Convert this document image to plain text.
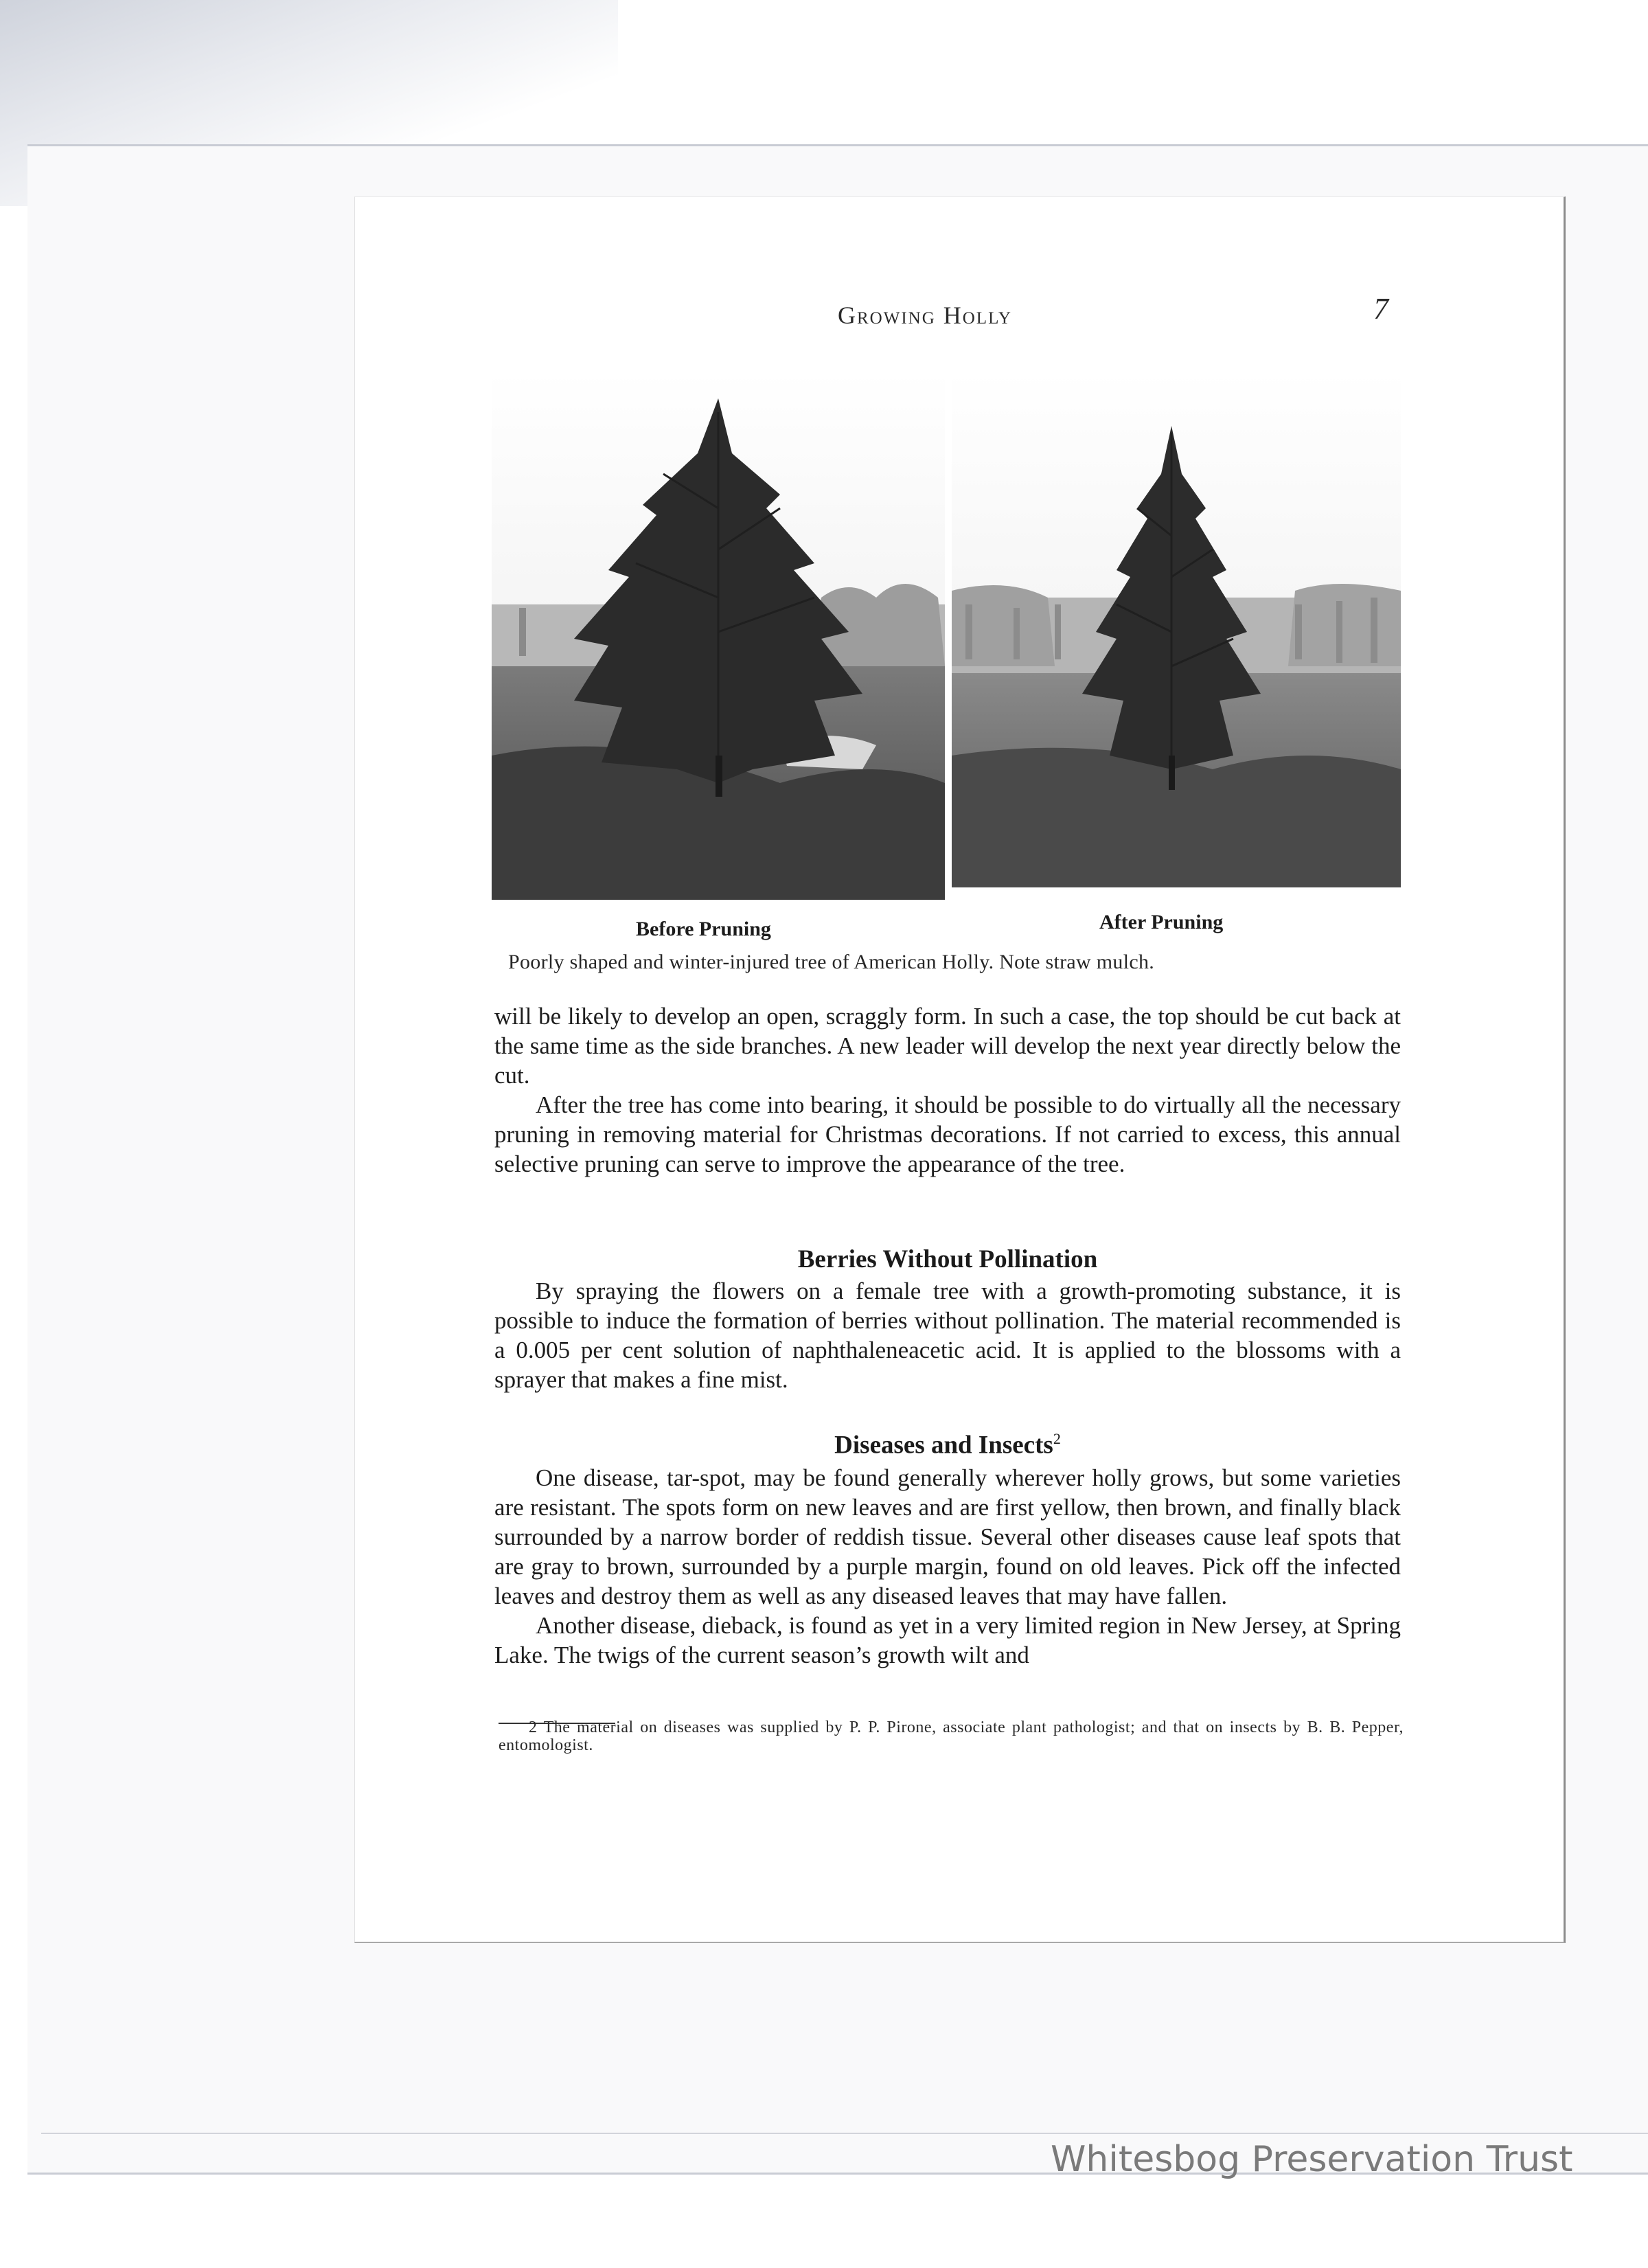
Growing Holly	7
Before Pruning	After Pruning
Poorly shaped and winter-injured tree of American Holly. Note straw mulch.

will be likely to develop an open, scraggly form. In such a case, the top should be cut back at the same time as the side branches. A new leader will develop the next year directly below the cut.

After the tree has come into bearing, it should be possible to do virtually all the necessary pruning in removing material for Christmas decorations. If not carried to excess, this annual selective pruning can serve to improve the appearance of the tree.

Berries Without Pollination

By spraying the flowers on a female tree with a growth-promoting substance, it is possible to induce the formation of berries without pollination. The material recommended is a 0.005 per cent solution of naphthaleneacetic acid. It is applied to the blossoms with a sprayer that makes a fine mist.

Diseases and Insects$^2$

One disease, tar-spot, may be found generally wherever holly grows, but some varieties are resistant. The spots form on new leaves and are first yellow, then brown, and finally black surrounded by a narrow border of reddish tissue. Several other diseases cause leaf spots that are gray to brown, surrounded by a purple margin, found on old leaves. Pick off the infected leaves and destroy them as well as any diseased leaves that may have fallen.

Another disease, dieback, is found as yet in a very limited region in New Jersey, at Spring Lake. The twigs of the current season’s growth wilt and

2 The material on diseases was supplied by P. P. Pirone, associate plant pathologist; and that on insects by B. B. Pepper, entomologist.
Whitesbog Preservation Trust
